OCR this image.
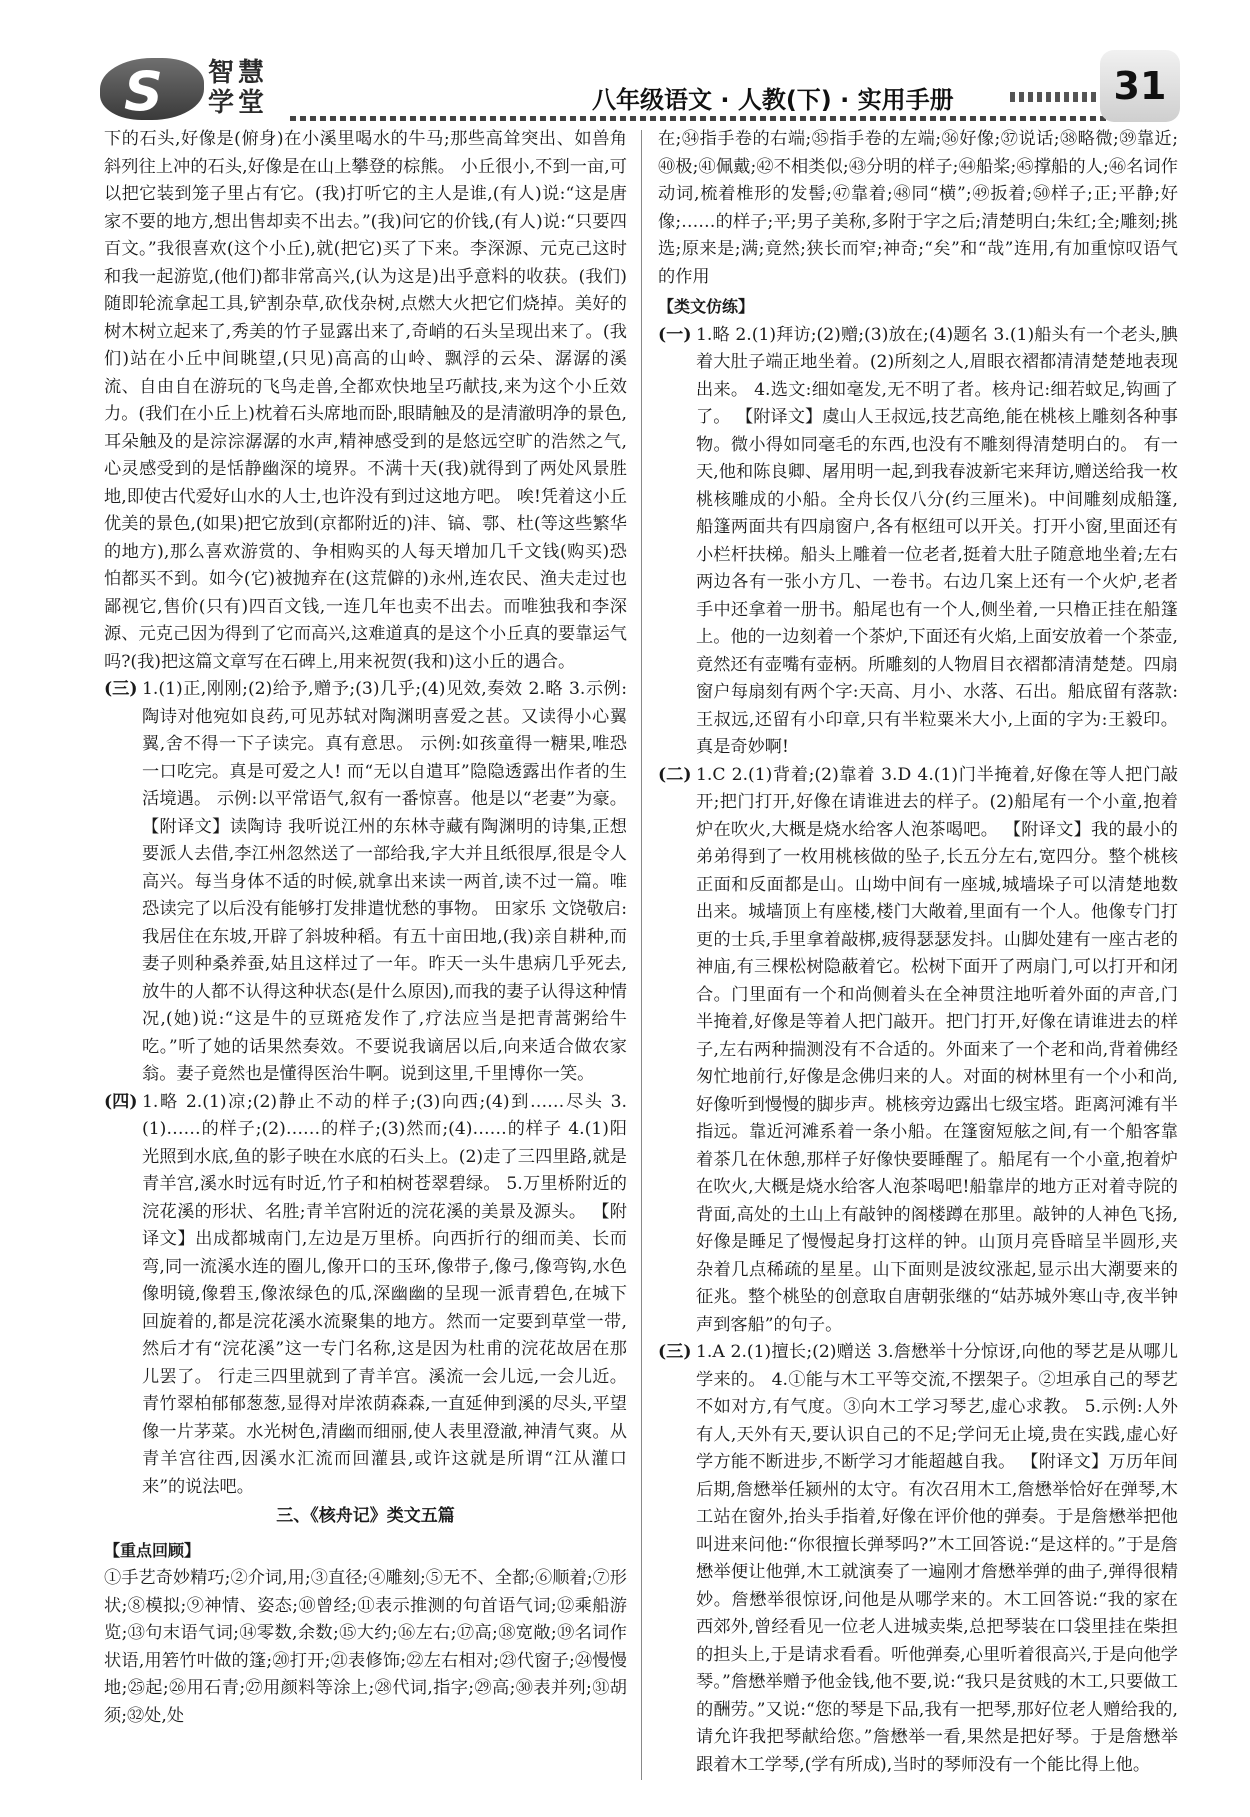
S 智慧学堂	八年级语文 · 人教(下) · 实用手册	31

下的石头,好像是(俯身)在小溪里喝水的牛马;那些高耸突出、如兽角斜列往上冲的石头,好像是在山上攀登的棕熊。 小丘很小,不到一亩,可以把它装到笼子里占有它。(我)打听它的主人是谁,(有人)说:“这是唐家不要的地方,想出售却卖不出去。”(我)问它的价钱,(有人)说:“只要四百文。”我很喜欢(这个小丘),就(把它)买了下来。李深源、元克己这时和我一起游览,(他们)都非常高兴,(认为这是)出乎意料的收获。(我们)随即轮流拿起工具,铲割杂草,砍伐杂树,点燃大火把它们烧掉。美好的树木树立起来了,秀美的竹子显露出来了,奇峭的石头呈现出来了。(我们)站在小丘中间眺望,(只见)高高的山岭、飘浮的云朵、潺潺的溪流、自由自在游玩的飞鸟走兽,全都欢快地呈巧献技,来为这个小丘效力。(我们在小丘上)枕着石头席地而卧,眼睛触及的是清澈明净的景色,耳朵触及的是淙淙潺潺的水声,精神感受到的是悠远空旷的浩然之气,心灵感受到的是恬静幽深的境界。不满十天(我)就得到了两处风景胜地,即使古代爱好山水的人士,也许没有到过这地方吧。 唉!凭着这小丘优美的景色,(如果)把它放到(京都附近的)沣、镐、鄠、杜(等这些繁华的地方),那么喜欢游赏的、争相购买的人每天增加几千文钱(购买)恐怕都买不到。如今(它)被抛弃在(这荒僻的)永州,连农民、渔夫走过也鄙视它,售价(只有)四百文钱,一连几年也卖不出去。而唯独我和李深源、元克己因为得到了它而高兴,这难道真的是这个小丘真的要靠运气吗?(我)把这篇文章写在石碑上,用来祝贺(我和)这小丘的遇合。

(三) 1.(1)正,刚刚;(2)给予,赠予;(3)几乎;(4)见效,奏效 2.略 3.示例:陶诗对他宛如良药,可见苏轼对陶渊明喜爱之甚。又读得小心翼翼,舍不得一下子读完。真有意思。 示例:如孩童得一糖果,唯恐一口吃完。真是可爱之人! 而“无以自遣耳”隐隐透露出作者的生活境遇。 示例:以平常语气,叙有一番惊喜。他是以“老妻”为豪。 【附译文】读陶诗 我听说江州的东林寺藏有陶渊明的诗集,正想要派人去借,李江州忽然送了一部给我,字大并且纸很厚,很是令人高兴。每当身体不适的时候,就拿出来读一两首,读不过一篇。唯恐读完了以后没有能够打发排遣忧愁的事物。 田家乐 文饶敬启:我居住在东坡,开辟了斜坡种稻。有五十亩田地,(我)亲自耕种,而妻子则种桑养蚕,姑且这样过了一年。昨天一头牛患病几乎死去,放牛的人都不认得这种状态(是什么原因),而我的妻子认得这种情况,(她)说:“这是牛的豆斑疮发作了,疗法应当是把青蒿粥给牛吃。”听了她的话果然奏效。不要说我谪居以后,向来适合做农家翁。妻子竟然也是懂得医治牛啊。说到这里,千里博你一笑。
(四) 1.略 2.(1)凉;(2)静止不动的样子;(3)向西;(4)到……尽头 3.(1)……的样子;(2)……的样子;(3)然而;(4)……的样子 4.(1)阳光照到水底,鱼的影子映在水底的石头上。(2)走了三四里路,就是青羊宫,溪水时远有时近,竹子和柏树苍翠碧绿。 5.万里桥附近的浣花溪的形状、名胜;青羊宫附近的浣花溪的美景及源头。 【附译文】出成都城南门,左边是万里桥。向西折行的细而美、长而弯,同一流溪水连的圈儿,像开口的玉环,像带子,像弓,像弯钩,水色像明镜,像碧玉,像浓绿色的瓜,深幽幽的呈现一派青碧色,在城下回旋着的,都是浣花溪水流聚集的地方。然而一定要到草堂一带,然后才有“浣花溪”这一专门名称,这是因为杜甫的浣花故居在那儿罢了。 行走三四里就到了青羊宫。溪流一会儿远,一会儿近。青竹翠柏郁郁葱葱,显得对岸浓荫森森,一直延伸到溪的尽头,平望像一片茅菜。水光树色,清幽而细丽,使人表里澄澈,神清气爽。从青羊宫往西,因溪水汇流而回灌县,或许这就是所谓“江从灌口来”的说法吧。
三、《核舟记》类文五篇
【重点回顾】

①手艺奇妙精巧;②介词,用;③直径;④雕刻;⑤无不、全都;⑥顺着;⑦形状;⑧模拟;⑨神情、姿态;⑩曾经;⑪表示推测的句首语气词;⑫乘船游览;⑬句末语气词;⑭零数,余数;⑮大约;⑯左右;⑰高;⑱宽敞;⑲名词作状语,用箬竹叶做的篷;⑳打开;㉑表修饰;㉒左右相对;㉓代窗子;㉔慢慢地;㉕起;㉖用石青;㉗用颜料等涂上;㉘代词,指字;㉙高;㉚表并列;㉛胡须;㉜处,处

在;㉞指手卷的右端;㉟指手卷的左端;㊱好像;㊲说话;㊳略微;㊴靠近;㊵极;㊶佩戴;㊷不相类似;㊸分明的样子;㊹船桨;㊺撑船的人;㊻名词作动词,梳着椎形的发髻;㊼靠着;㊽同“横”;㊾扳着;㊿样子;正;平静;好像;……的样子;平;男子美称,多附于字之后;清楚明白;朱红;全;雕刻;挑选;原来是;满;竟然;狭长而窄;神奇;“矣”和“哉”连用,有加重惊叹语气的作用

【类文仿练】
(一) 1.略 2.(1)拜访;(2)赠;(3)放在;(4)题名 3.(1)船头有一个老头,腆着大肚子端正地坐着。(2)所刻之人,眉眼衣褶都清清楚楚地表现出来。 4.选文:细如毫发,无不明了者。核舟记:细若蚊足,钩画了了。 【附译文】虞山人王叔远,技艺高绝,能在桃核上雕刻各种事物。微小得如同毫毛的东西,也没有不雕刻得清楚明白的。 有一天,他和陈良卿、屠用明一起,到我春波新宅来拜访,赠送给我一枚桃核雕成的小船。全舟长仅八分(约三厘米)。中间雕刻成船篷,船篷两面共有四扇窗户,各有枢纽可以开关。打开小窗,里面还有小栏杆扶梯。船头上雕着一位老者,挺着大肚子随意地坐着;左右两边各有一张小方几、一卷书。右边几案上还有一个火炉,老者手中还拿着一册书。船尾也有一个人,侧坐着,一只橹正挂在船篷上。他的一边刻着一个茶炉,下面还有火焰,上面安放着一个茶壶,竟然还有壶嘴有壶柄。所雕刻的人物眉目衣褶都清清楚楚。四扇窗户每扇刻有两个字:天高、月小、水落、石出。船底留有落款:王叔远,还留有小印章,只有半粒粟米大小,上面的字为:王毅印。真是奇妙啊!
(二) 1.C 2.(1)背着;(2)靠着 3.D 4.(1)门半掩着,好像在等人把门敲开;把门打开,好像在请谁进去的样子。(2)船尾有一个小童,抱着炉在吹火,大概是烧水给客人泡茶喝吧。 【附译文】我的最小的弟弟得到了一枚用桃核做的坠子,长五分左右,宽四分。整个桃核正面和反面都是山。山坳中间有一座城,城墙垛子可以清楚地数出来。城墙顶上有座楼,楼门大敞着,里面有一个人。他像专门打更的士兵,手里拿着敲梆,疲得瑟瑟发抖。山脚处建有一座古老的神庙,有三棵松树隐蔽着它。松树下面开了两扇门,可以打开和闭合。门里面有一个和尚侧着头在全神贯注地听着外面的声音,门半掩着,好像是等着人把门敲开。把门打开,好像在请谁进去的样子,左右两种揣测没有不合适的。外面来了一个老和尚,背着佛经匆忙地前行,好像是念佛归来的人。对面的树林里有一个小和尚,好像听到慢慢的脚步声。桃核旁边露出七级宝塔。距离河滩有半指远。靠近河滩系着一条小船。在篷窗短舷之间,有一个船客靠着茶几在休憩,那样子好像快要睡醒了。船尾有一个小童,抱着炉在吹火,大概是烧水给客人泡茶喝吧!船靠岸的地方正对着寺院的背面,高处的土山上有敲钟的阁楼蹲在那里。敲钟的人神色飞扬,好像是睡足了慢慢起身打这样的钟。山顶月亮昏暗呈半圆形,夹杂着几点稀疏的星星。山下面则是波纹涨起,显示出大潮要来的征兆。整个桃坠的创意取自唐朝张继的“姑苏城外寒山寺,夜半钟声到客船”的句子。
(三) 1.A 2.(1)擅长;(2)赠送 3.詹懋举十分惊讶,向他的琴艺是从哪儿学来的。 4.①能与木工平等交流,不摆架子。②坦承自己的琴艺不如对方,有气度。③向木工学习琴艺,虚心求教。 5.示例:人外有人,天外有天,要认识自己的不足;学问无止境,贵在实践,虚心好学方能不断进步,不断学习才能超越自我。 【附译文】万历年间后期,詹懋举任颍州的太守。有次召用木工,詹懋举恰好在弹琴,木工站在窗外,抬头手指着,好像在评价他的弹奏。于是詹懋举把他叫进来问他:“你很擅长弹琴吗?”木工回答说:“是这样的。”于是詹懋举便让他弹,木工就演奏了一遍刚才詹懋举弹的曲子,弹得很精妙。詹懋举很惊讶,问他是从哪学来的。木工回答说:“我的家在西郊外,曾经看见一位老人进城卖柴,总把琴装在口袋里挂在柴担的担头上,于是请求看看。听他弹奏,心里听着很高兴,于是向他学琴。”詹懋举赠予他金钱,他不要,说:“我只是贫贱的木工,只要做工的酬劳。”又说:“您的琴是下品,我有一把琴,那好位老人赠给我的,请允许我把琴献给您。”詹懋举一看,果然是把好琴。于是詹懋举跟着木工学琴,(学有所成),当时的琴师没有一个能比得上他。
